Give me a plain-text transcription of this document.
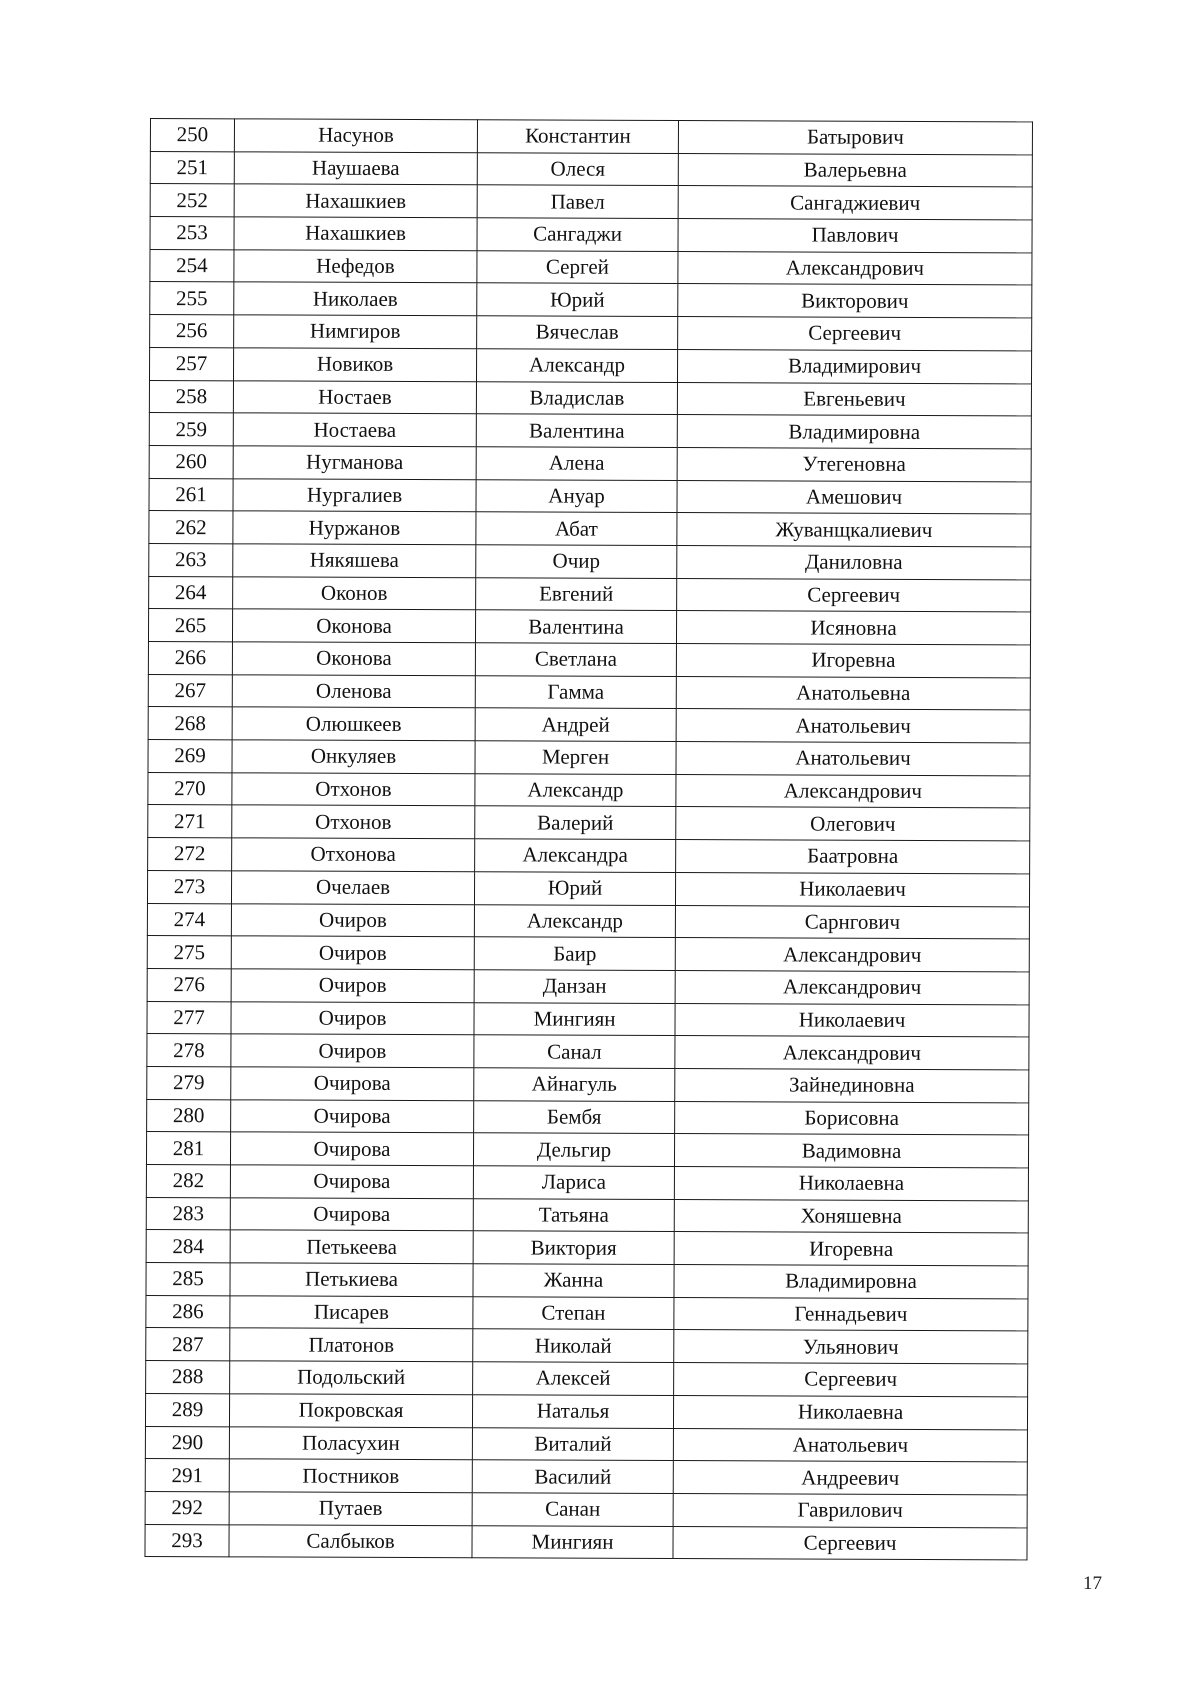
250	Насунов	Константин	Батырович
251	Наушаева	Олеся	Валерьевна
252	Нахашкиев	Павел	Сангаджиевич
253	Нахашкиев	Сангаджи	Павлович
254	Нефедов	Сергей	Александрович
255	Николаев	Юрий	Викторович
256	Нимгиров	Вячеслав	Сергеевич
257	Новиков	Александр	Владимирович
258	Ностаев	Владислав	Евгеньевич
259	Ностаева	Валентина	Владимировна
260	Нугманова	Алена	Утегеновна
261	Нургалиев	Ануар	Амешович
262	Нуржанов	Абат	Жуванщкалиевич
263	Някяшева	Очир	Даниловна
264	Оконов	Евгений	Сергеевич
265	Оконова	Валентина	Исяновна
266	Оконова	Светлана	Игоревна
267	Оленова	Гамма	Анатольевна
268	Олюшкеев	Андрей	Анатольевич
269	Онкуляев	Мерген	Анатольевич
270	Отхонов	Александр	Александрович
271	Отхонов	Валерий	Олегович
272	Отхонова	Александра	Баатровна
273	Очелаев	Юрий	Николаевич
274	Очиров	Александр	Сарнгович
275	Очиров	Баир	Александрович
276	Очиров	Данзан	Александрович
277	Очиров	Мингиян	Николаевич
278	Очиров	Санал	Александрович
279	Очирова	Айнагуль	Зайнединовна
280	Очирова	Бембя	Борисовна
281	Очирова	Дельгир	Вадимовна
282	Очирова	Лариса	Николаевна
283	Очирова	Татьяна	Хоняшевна
284	Петькеева	Виктория	Игоревна
285	Петькиева	Жанна	Владимировна
286	Писарев	Степан	Геннадьевич
287	Платонов	Николай	Ульянович
288	Подольский	Алексей	Сергеевич
289	Покровская	Наталья	Николаевна
290	Поласухин	Виталий	Анатольевич
291	Постников	Василий	Андреевич
292	Путаев	Санан	Гаврилович
293	Салбыков	Мингиян	Сергеевич
17
